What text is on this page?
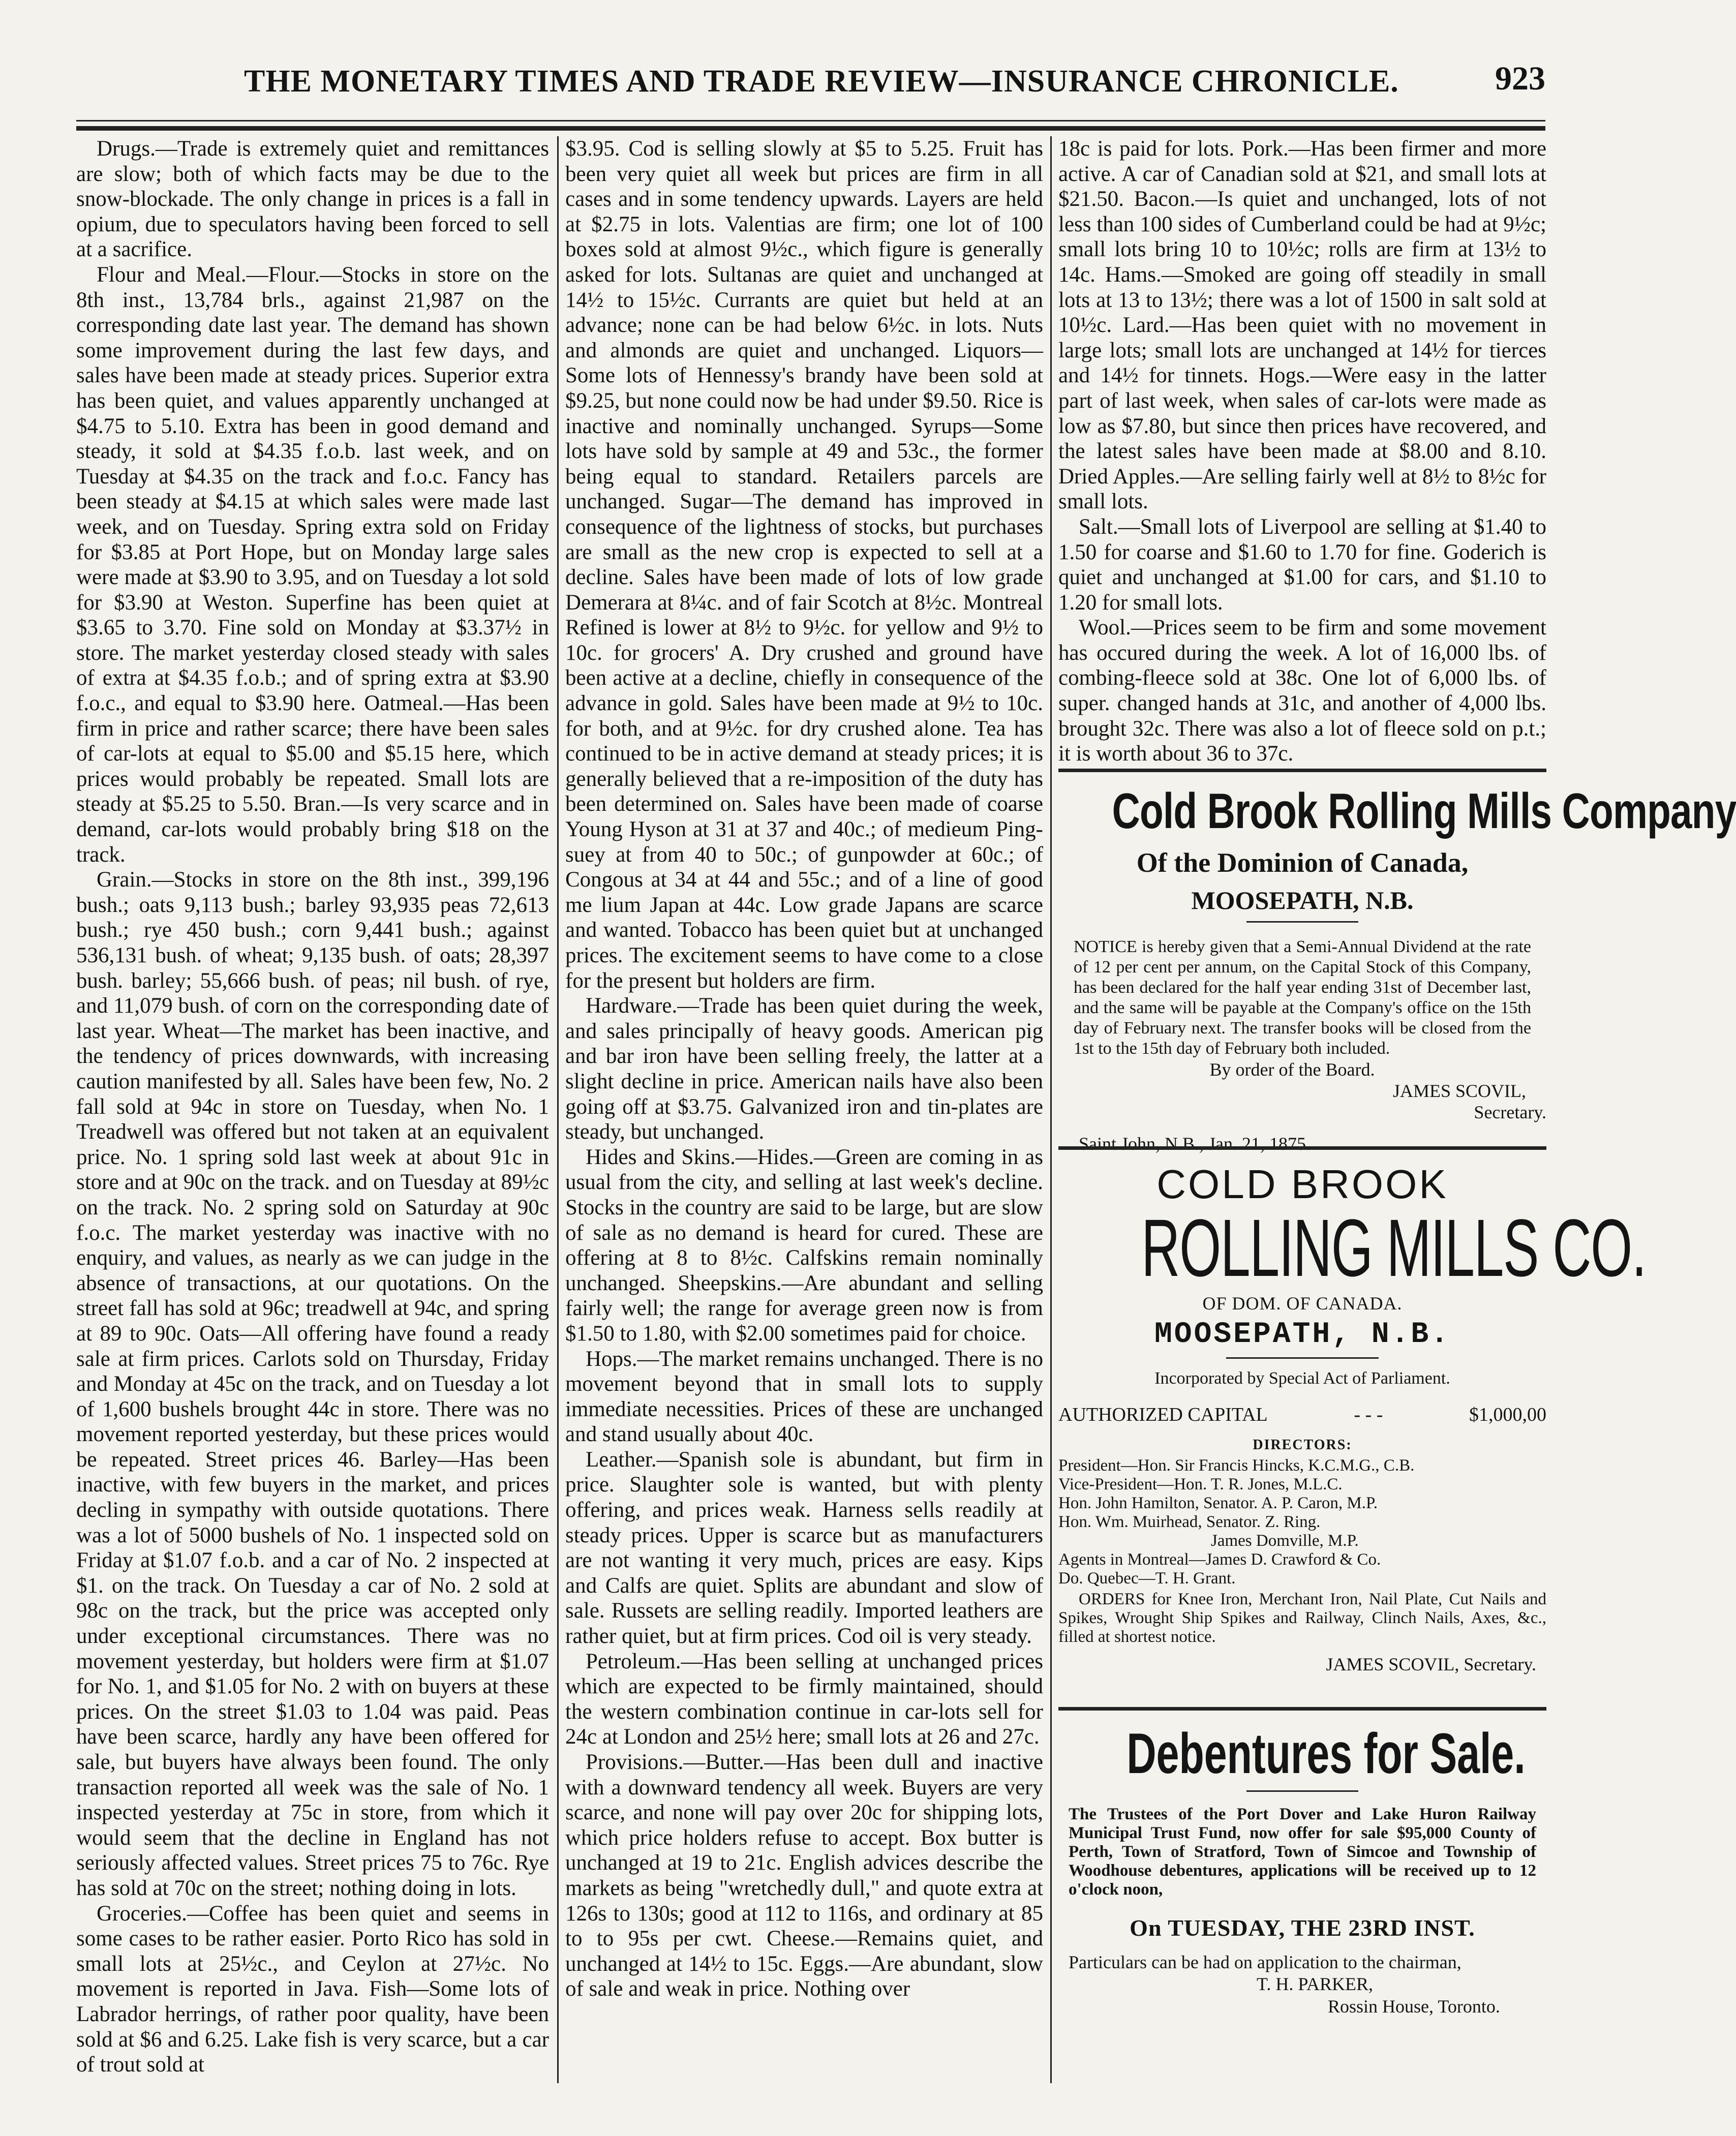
THE MONETARY TIMES AND TRADE REVIEW—INSURANCE CHRONICLE.	923

Drugs.—Trade is extremely quiet and remittances are slow; both of which facts may be due to the snow-blockade. The only change in prices is a fall in opium, due to speculators having been forced to sell at a sacrifice.

Flour and Meal.—Flour.—Stocks in store on the 8th inst., 13,784 brls., against 21,987 on the corresponding date last year. The demand has shown some improvement during the last few days, and sales have been made at steady prices. Superior extra has been quiet, and values apparently unchanged at $4.75 to 5.10. Extra has been in good demand and steady, it sold at $4.35 f.o.b. last week, and on Tuesday at $4.35 on the track and f.o.c. Fancy has been steady at $4.15 at which sales were made last week, and on Tuesday. Spring extra sold on Friday for $3.85 at Port Hope, but on Monday large sales were made at $3.90 to 3.95, and on Tuesday a lot sold for $3.90 at Weston. Superfine has been quiet at $3.65 to 3.70. Fine sold on Monday at $3.37½ in store. The market yesterday closed steady with sales of extra at $4.35 f.o.b.; and of spring extra at $3.90 f.o.c., and equal to $3.90 here. Oatmeal.—Has been firm in price and rather scarce; there have been sales of car-lots at equal to $5.00 and $5.15 here, which prices would probably be repeated. Small lots are steady at $5.25 to 5.50. Bran.—Is very scarce and in demand, car-lots would probably bring $18 on the track.

Grain.—Stocks in store on the 8th inst., 399,196 bush.; oats 9,113 bush.; barley 93,935 peas 72,613 bush.; rye 450 bush.; corn 9,441 bush.; against 536,131 bush. of wheat; 9,135 bush. of oats; 28,397 bush. barley; 55,666 bush. of peas; nil bush. of rye, and 11,079 bush. of corn on the corresponding date of last year. Wheat—The market has been inactive, and the tendency of prices downwards, with increasing caution manifested by all. Sales have been few, No. 2 fall sold at 94c in store on Tuesday, when No. 1 Treadwell was offered but not taken at an equivalent price. No. 1 spring sold last week at about 91c in store and at 90c on the track. and on Tuesday at 89½c on the track. No. 2 spring sold on Saturday at 90c f.o.c. The market yesterday was inactive with no enquiry, and values, as nearly as we can judge in the absence of transactions, at our quotations. On the street fall has sold at 96c; treadwell at 94c, and spring at 89 to 90c. Oats—All offering have found a ready sale at firm prices. Carlots sold on Thursday, Friday and Monday at 45c on the track, and on Tuesday a lot of 1,600 bushels brought 44c in store. There was no movement reported yesterday, but these prices would be repeated. Street prices 46. Barley—Has been inactive, with few buyers in the market, and prices decling in sympathy with outside quotations. There was a lot of 5000 bushels of No. 1 inspected sold on Friday at $1.07 f.o.b. and a car of No. 2 inspected at $1. on the track. On Tuesday a car of No. 2 sold at 98c on the track, but the price was accepted only under exceptional circumstances. There was no movement yesterday, but holders were firm at $1.07 for No. 1, and $1.05 for No. 2 with on buyers at these prices. On the street $1.03 to 1.04 was paid. Peas have been scarce, hardly any have been offered for sale, but buyers have always been found. The only transaction reported all week was the sale of No. 1 inspected yesterday at 75c in store, from which it would seem that the decline in England has not seriously affected values. Street prices 75 to 76c. Rye has sold at 70c on the street; nothing doing in lots.

Groceries.—Coffee has been quiet and seems in some cases to be rather easier. Porto Rico has sold in small lots at 25½c., and Ceylon at 27½c. No movement is reported in Java. Fish—Some lots of Labrador herrings, of rather poor quality, have been sold at $6 and 6.25. Lake fish is very scarce, but a car of trout sold at

$3.95. Cod is selling slowly at $5 to 5.25. Fruit has been very quiet all week but prices are firm in all cases and in some tendency upwards. Layers are held at $2.75 in lots. Valentias are firm; one lot of 100 boxes sold at almost 9½c., which figure is generally asked for lots. Sultanas are quiet and unchanged at 14½ to 15½c. Currants are quiet but held at an advance; none can be had below 6½c. in lots. Nuts and almonds are quiet and unchanged. Liquors—Some lots of Hennessy's brandy have been sold at $9.25, but none could now be had under $9.50. Rice is inactive and nominally unchanged. Syrups—Some lots have sold by sample at 49 and 53c., the former being equal to standard. Retailers parcels are unchanged. Sugar—The demand has improved in consequence of the lightness of stocks, but purchases are small as the new crop is expected to sell at a decline. Sales have been made of lots of low grade Demerara at 8¼c. and of fair Scotch at 8½c. Montreal Refined is lower at 8½ to 9½c. for yellow and 9½ to 10c. for grocers' A. Dry crushed and ground have been active at a decline, chiefly in consequence of the advance in gold. Sales have been made at 9½ to 10c. for both, and at 9½c. for dry crushed alone. Tea has continued to be in active demand at steady prices; it is generally believed that a re-imposition of the duty has been determined on. Sales have been made of coarse Young Hyson at 31 at 37 and 40c.; of medieum Ping-suey at from 40 to 50c.; of gunpowder at 60c.; of Congous at 34 at 44 and 55c.; and of a line of good me lium Japan at 44c. Low grade Japans are scarce and wanted. Tobacco has been quiet but at unchanged prices. The excitement seems to have come to a close for the present but holders are firm.

Hardware.—Trade has been quiet during the week, and sales principally of heavy goods. American pig and bar iron have been selling freely, the latter at a slight decline in price. American nails have also been going off at $3.75. Galvanized iron and tin-plates are steady, but unchanged.

Hides and Skins.—Hides.—Green are coming in as usual from the city, and selling at last week's decline. Stocks in the country are said to be large, but are slow of sale as no demand is heard for cured. These are offering at 8 to 8½c. Calfskins remain nominally unchanged. Sheepskins.—Are abundant and selling fairly well; the range for average green now is from $1.50 to 1.80, with $2.00 sometimes paid for choice.

Hops.—The market remains unchanged. There is no movement beyond that in small lots to supply immediate necessities. Prices of these are unchanged and stand usually about 40c.

Leather.—Spanish sole is abundant, but firm in price. Slaughter sole is wanted, but with plenty offering, and prices weak. Harness sells readily at steady prices. Upper is scarce but as manufacturers are not wanting it very much, prices are easy. Kips and Calfs are quiet. Splits are abundant and slow of sale. Russets are selling readily. Imported leathers are rather quiet, but at firm prices. Cod oil is very steady.

Petroleum.—Has been selling at unchanged prices which are expected to be firmly maintained, should the western combination continue in car-lots sell for 24c at London and 25½ here; small lots at 26 and 27c.

Provisions.—Butter.—Has been dull and inactive with a downward tendency all week. Buyers are very scarce, and none will pay over 20c for shipping lots, which price holders refuse to accept. Box butter is unchanged at 19 to 21c. English advices describe the markets as being "wretchedly dull," and quote extra at 126s to 130s; good at 112 to 116s, and ordinary at 85 to to 95s per cwt. Cheese.—Remains quiet, and unchanged at 14½ to 15c. Eggs.—Are abundant, slow of sale and weak in price. Nothing over

18c is paid for lots. Pork.—Has been firmer and more active. A car of Canadian sold at $21, and small lots at $21.50. Bacon.—Is quiet and unchanged, lots of not less than 100 sides of Cumberland could be had at 9½c; small lots bring 10 to 10½c; rolls are firm at 13½ to 14c. Hams.—Smoked are going off steadily in small lots at 13 to 13½; there was a lot of 1500 in salt sold at 10½c. Lard.—Has been quiet with no movement in large lots; small lots are unchanged at 14½ for tierces and 14½ for tinnets. Hogs.—Were easy in the latter part of last week, when sales of car-lots were made as low as $7.80, but since then prices have recovered, and the latest sales have been made at $8.00 and 8.10. Dried Apples.—Are selling fairly well at 8½ to 8½c for small lots.

Salt.—Small lots of Liverpool are selling at $1.40 to 1.50 for coarse and $1.60 to 1.70 for fine. Goderich is quiet and unchanged at $1.00 for cars, and $1.10 to 1.20 for small lots.

Wool.—Prices seem to be firm and some movement has occured during the week. A lot of 16,000 lbs. of combing-fleece sold at 38c. One lot of 6,000 lbs. of super. changed hands at 31c, and another of 4,000 lbs. brought 32c. There was also a lot of fleece sold on p.t.; it is worth about 36 to 37c.

Cold Brook Rolling Mills Company
Of the Dominion of Canada,
MOOSEPATH, N.B.
NOTICE is hereby given that a Semi-Annual Dividend at the rate of 12 per cent per annum, on the Capital Stock of this Company, has been declared for the half year ending 31st of December last, and the same will be payable at the Company's office on the 15th day of February next. The transfer books will be closed from the 1st to the 15th day of February both included.
By order of the Board.
JAMES SCOVIL,
Secretary.
Saint John, N.B., Jan. 21, 1875.
COLD BROOK
ROLLING MILLS CO.
OF DOM. OF CANADA.
MOOSEPATH, N.B.
Incorporated by Special Act of Parliament.
AUTHORIZED CAPITAL	- - -	$1,000,00
DIRECTORS:
President—Hon. Sir Francis Hincks, K.C.M.G., C.B.
Vice-President—Hon. T. R. Jones, M.L.C.
Hon. John Hamilton, Senator. A. P. Caron, M.P.
Hon. Wm. Muirhead, Senator. Z. Ring.
James Domville, M.P.
Agents in Montreal—James D. Crawford & Co.
Do. Quebec—T. H. Grant.
ORDERS for Knee Iron, Merchant Iron, Nail Plate, Cut Nails and Spikes, Wrought Ship Spikes and Railway, Clinch Nails, Axes, &c., filled at shortest notice.
JAMES SCOVIL, Secretary.
Debentures for Sale.
The Trustees of the Port Dover and Lake Huron Railway Municipal Trust Fund, now offer for sale $95,000 County of Perth, Town of Stratford, Town of Simcoe and Township of Woodhouse debentures, applications will be received up to 12 o'clock noon,
On TUESDAY, THE 23RD INST.
Particulars can be had on application to the chairman,
T. H. PARKER,
Rossin House, Toronto.
